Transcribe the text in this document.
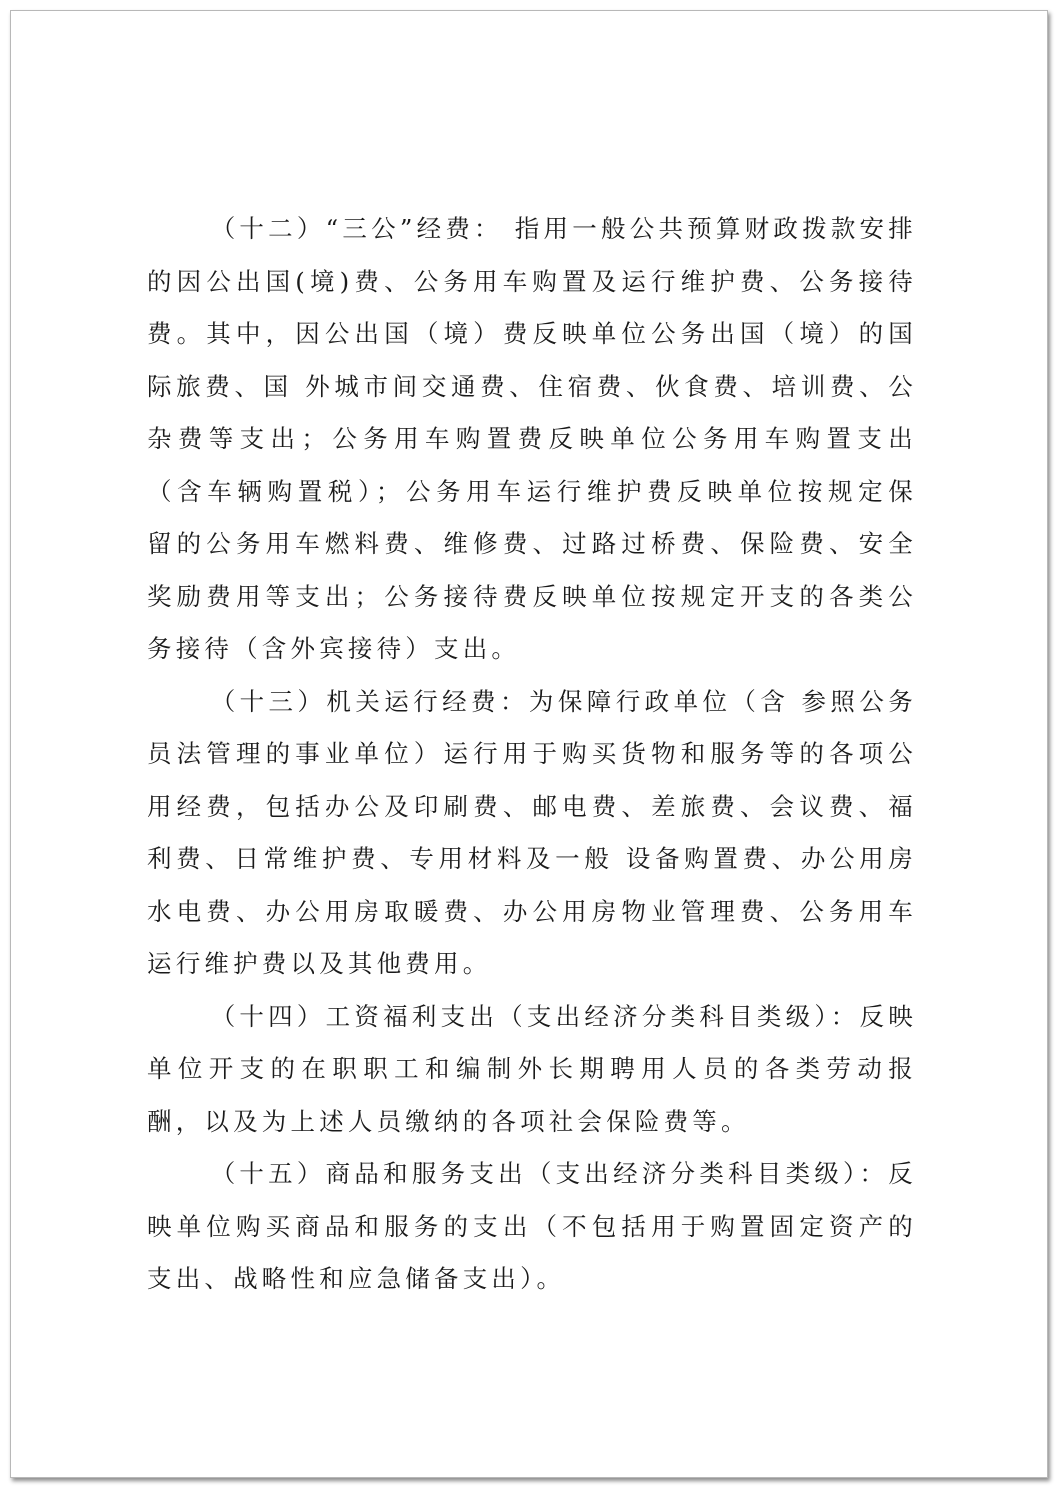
（十二）“三公”经费： 指用一般公共预算财政拨款安排的因公出国(境)费、公务用车购置及运行维护费、公务接待费。其中，因公出国（境）费反映单位公务出国（境）的国际旅费、国 外城市间交通费、住宿费、伙食费、培训费、公杂费等支出；公务用车购置费反映单位公务用车购置支出（含车辆购置税）；公务用车运行维护费反映单位按规定保 留的公务用车燃料费、维修费、过路过桥费、保险费、安全奖励费用等支出；公务接待费反映单位按规定开支的各类公务接待（含外宾接待）支出。

（十三）机关运行经费：为保障行政单位（含 参照公务员法管理的事业单位）运行用于购买货物和服务等的各项公用经费，包括办公及印刷费、邮电费、差旅费、会议费、福利费、日常维护费、专用材料及一般 设备购置费、办公用房水电费、办公用房取暖费、办公用房物业管理费、公务用车运行维护费以及其他费用。

（十四）工资福利支出（支出经济分类科目类级）：反映单位开支的在职职工和编制外长期聘用人员的各类劳动报酬，以及为上述人员缴纳的各项社会保险费等。

（十五）商品和服务支出（支出经济分类科目类级）：反映单位购买商品和服务的支出（不包括用于购置固定资产的支出、战略性和应急储备支出）。
